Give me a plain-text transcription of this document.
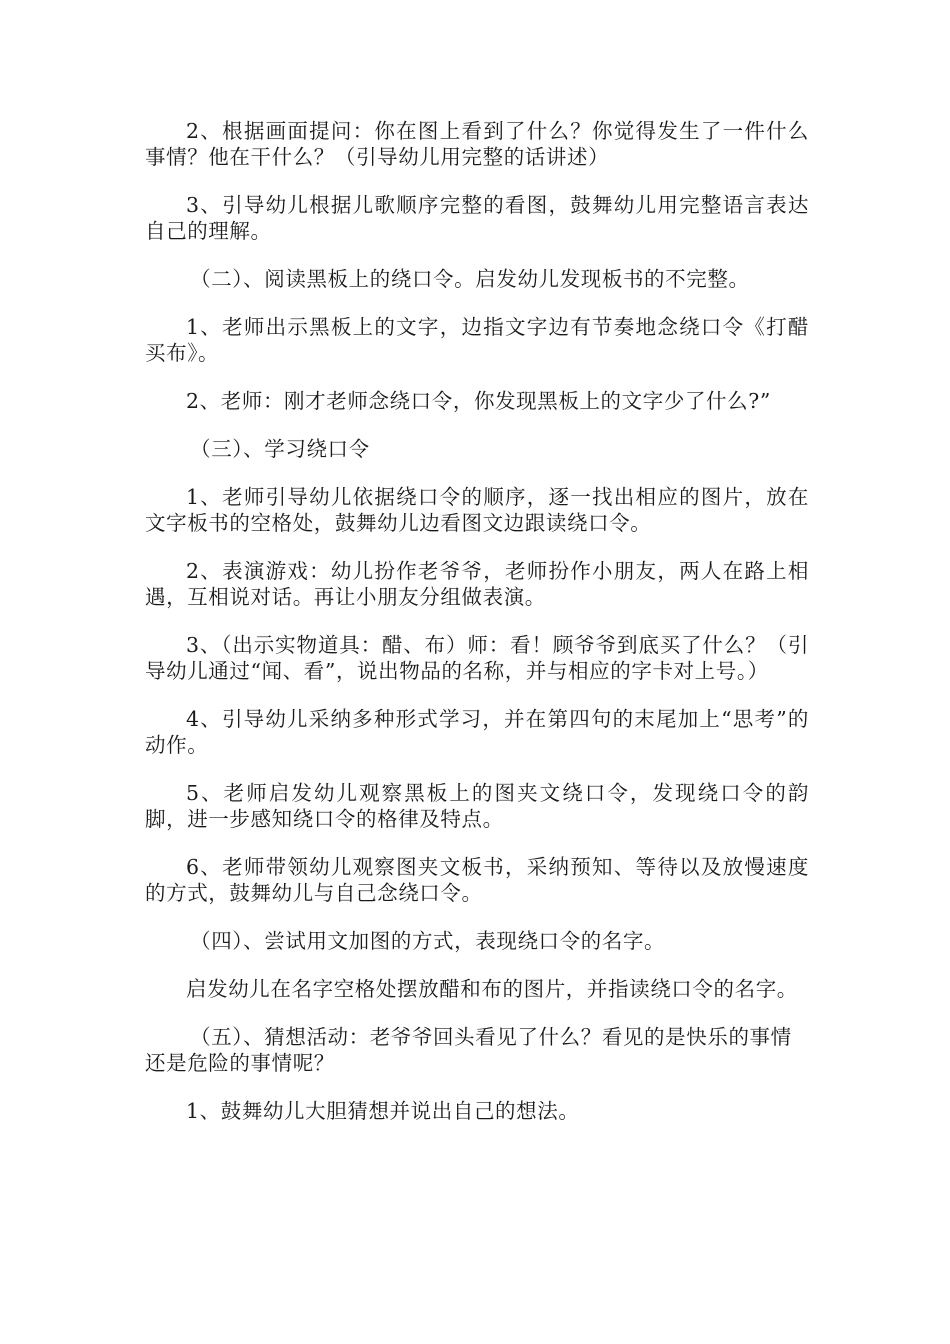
2、根据画面提问：你在图上看到了什么？你觉得发生了一件什么事情？他在干什么？（引导幼儿用完整的话讲述）

3、引导幼儿根据儿歌顺序完整的看图，鼓舞幼儿用完整语言表达自己的理解。

（二）、阅读黑板上的绕口令。启发幼儿发现板书的不完整。

1、老师出示黑板上的文字，边指文字边有节奏地念绕口令《打醋买布》。

2、老师：刚才老师念绕口令，你发现黑板上的文字少了什么?”

（三）、学习绕口令

1、老师引导幼儿依据绕口令的顺序，逐一找出相应的图片，放在文字板书的空格处，鼓舞幼儿边看图文边跟读绕口令。

2、表演游戏：幼儿扮作老爷爷，老师扮作小朋友，两人在路上相遇，互相说对话。再让小朋友分组做表演。

3、（出示实物道具：醋、布）师：看！顾爷爷到底买了什么？（引导幼儿通过“闻、看”，说出物品的名称，并与相应的字卡对上号。）

4、引导幼儿采纳多种形式学习，并在第四句的末尾加上“思考”的动作。

5、老师启发幼儿观察黑板上的图夹文绕口令，发现绕口令的韵脚，进一步感知绕口令的格律及特点。

6、老师带领幼儿观察图夹文板书，采纳预知、等待以及放慢速度的方式，鼓舞幼儿与自己念绕口令。

（四）、尝试用文加图的方式，表现绕口令的名字。

启发幼儿在名字空格处摆放醋和布的图片，并指读绕口令的名字。

（五）、猜想活动：老爷爷回头看见了什么？看见的是快乐的事情还是危险的事情呢？

1、鼓舞幼儿大胆猜想并说出自己的想法。
